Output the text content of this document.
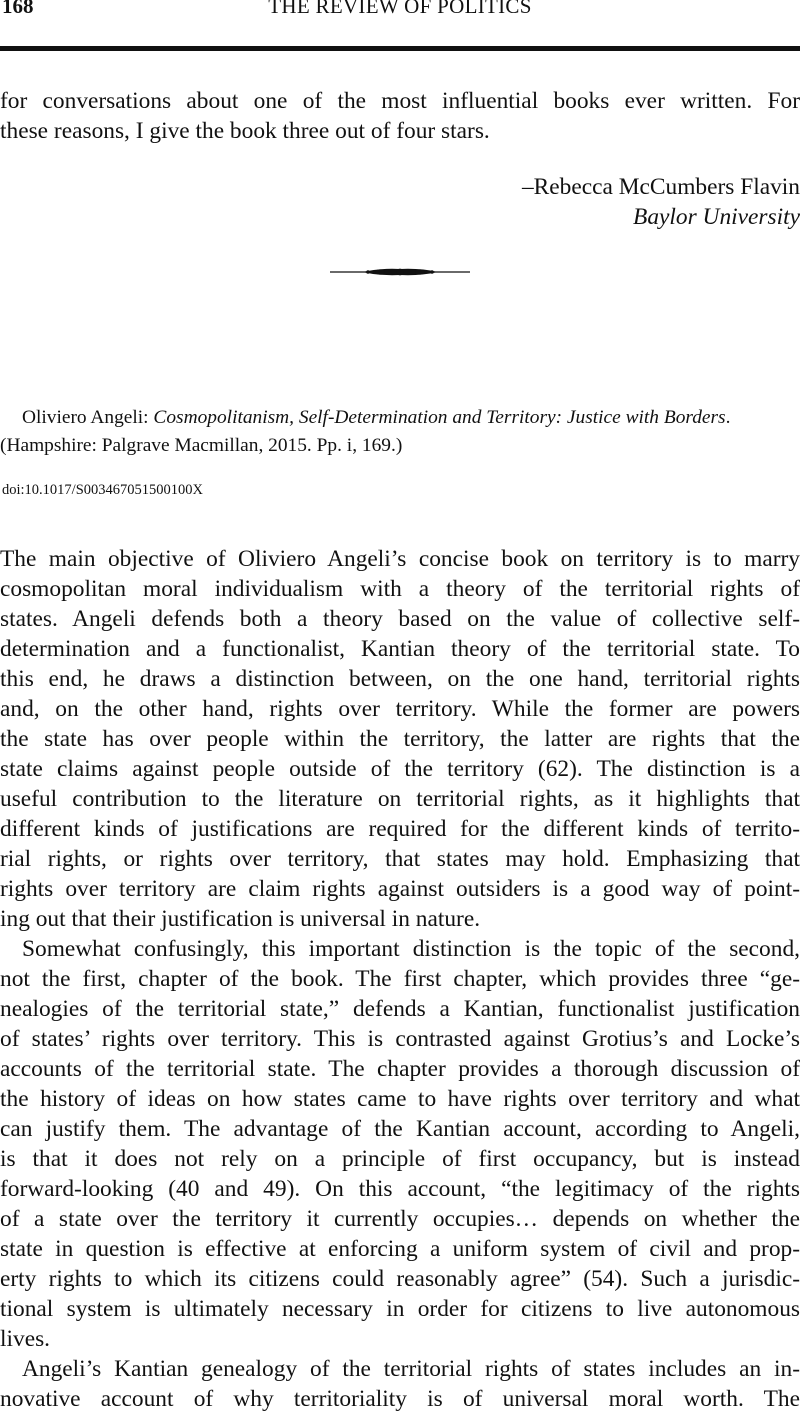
168	THE REVIEW OF POLITICS
for conversations about one of the most influential books ever written. For
these reasons, I give the book three out of four stars.
–Rebecca McCumbers Flavin
Baylor University
Oliviero Angeli: Cosmopolitanism, Self-Determination and Territory: Justice with Borders.
(Hampshire: Palgrave Macmillan, 2015. Pp. i, 169.)
doi:10.1017/S003467051500100X
The main objective of Oliviero Angeli’s concise book on territory is to marry
cosmopolitan moral individualism with a theory of the territorial rights of
states. Angeli defends both a theory based on the value of collective self-
determination and a functionalist, Kantian theory of the territorial state. To
this end, he draws a distinction between, on the one hand, territorial rights
and, on the other hand, rights over territory. While the former are powers
the state has over people within the territory, the latter are rights that the
state claims against people outside of the territory (62). The distinction is a
useful contribution to the literature on territorial rights, as it highlights that
different kinds of justifications are required for the different kinds of territo-
rial rights, or rights over territory, that states may hold. Emphasizing that
rights over territory are claim rights against outsiders is a good way of point-
ing out that their justification is universal in nature.
Somewhat confusingly, this important distinction is the topic of the second,
not the first, chapter of the book. The first chapter, which provides three “ge-
nealogies of the territorial state,” defends a Kantian, functionalist justification
of states’ rights over territory. This is contrasted against Grotius’s and Locke’s
accounts of the territorial state. The chapter provides a thorough discussion of
the history of ideas on how states came to have rights over territory and what
can justify them. The advantage of the Kantian account, according to Angeli,
is that it does not rely on a principle of first occupancy, but is instead
forward-looking (40 and 49). On this account, “the legitimacy of the rights
of a state over the territory it currently occupies… depends on whether the
state in question is effective at enforcing a uniform system of civil and prop-
erty rights to which its citizens could reasonably agree” (54). Such a jurisdic-
tional system is ultimately necessary in order for citizens to live autonomous
lives.
Angeli’s Kantian genealogy of the territorial rights of states includes an in-
novative account of why territoriality is of universal moral worth. The
